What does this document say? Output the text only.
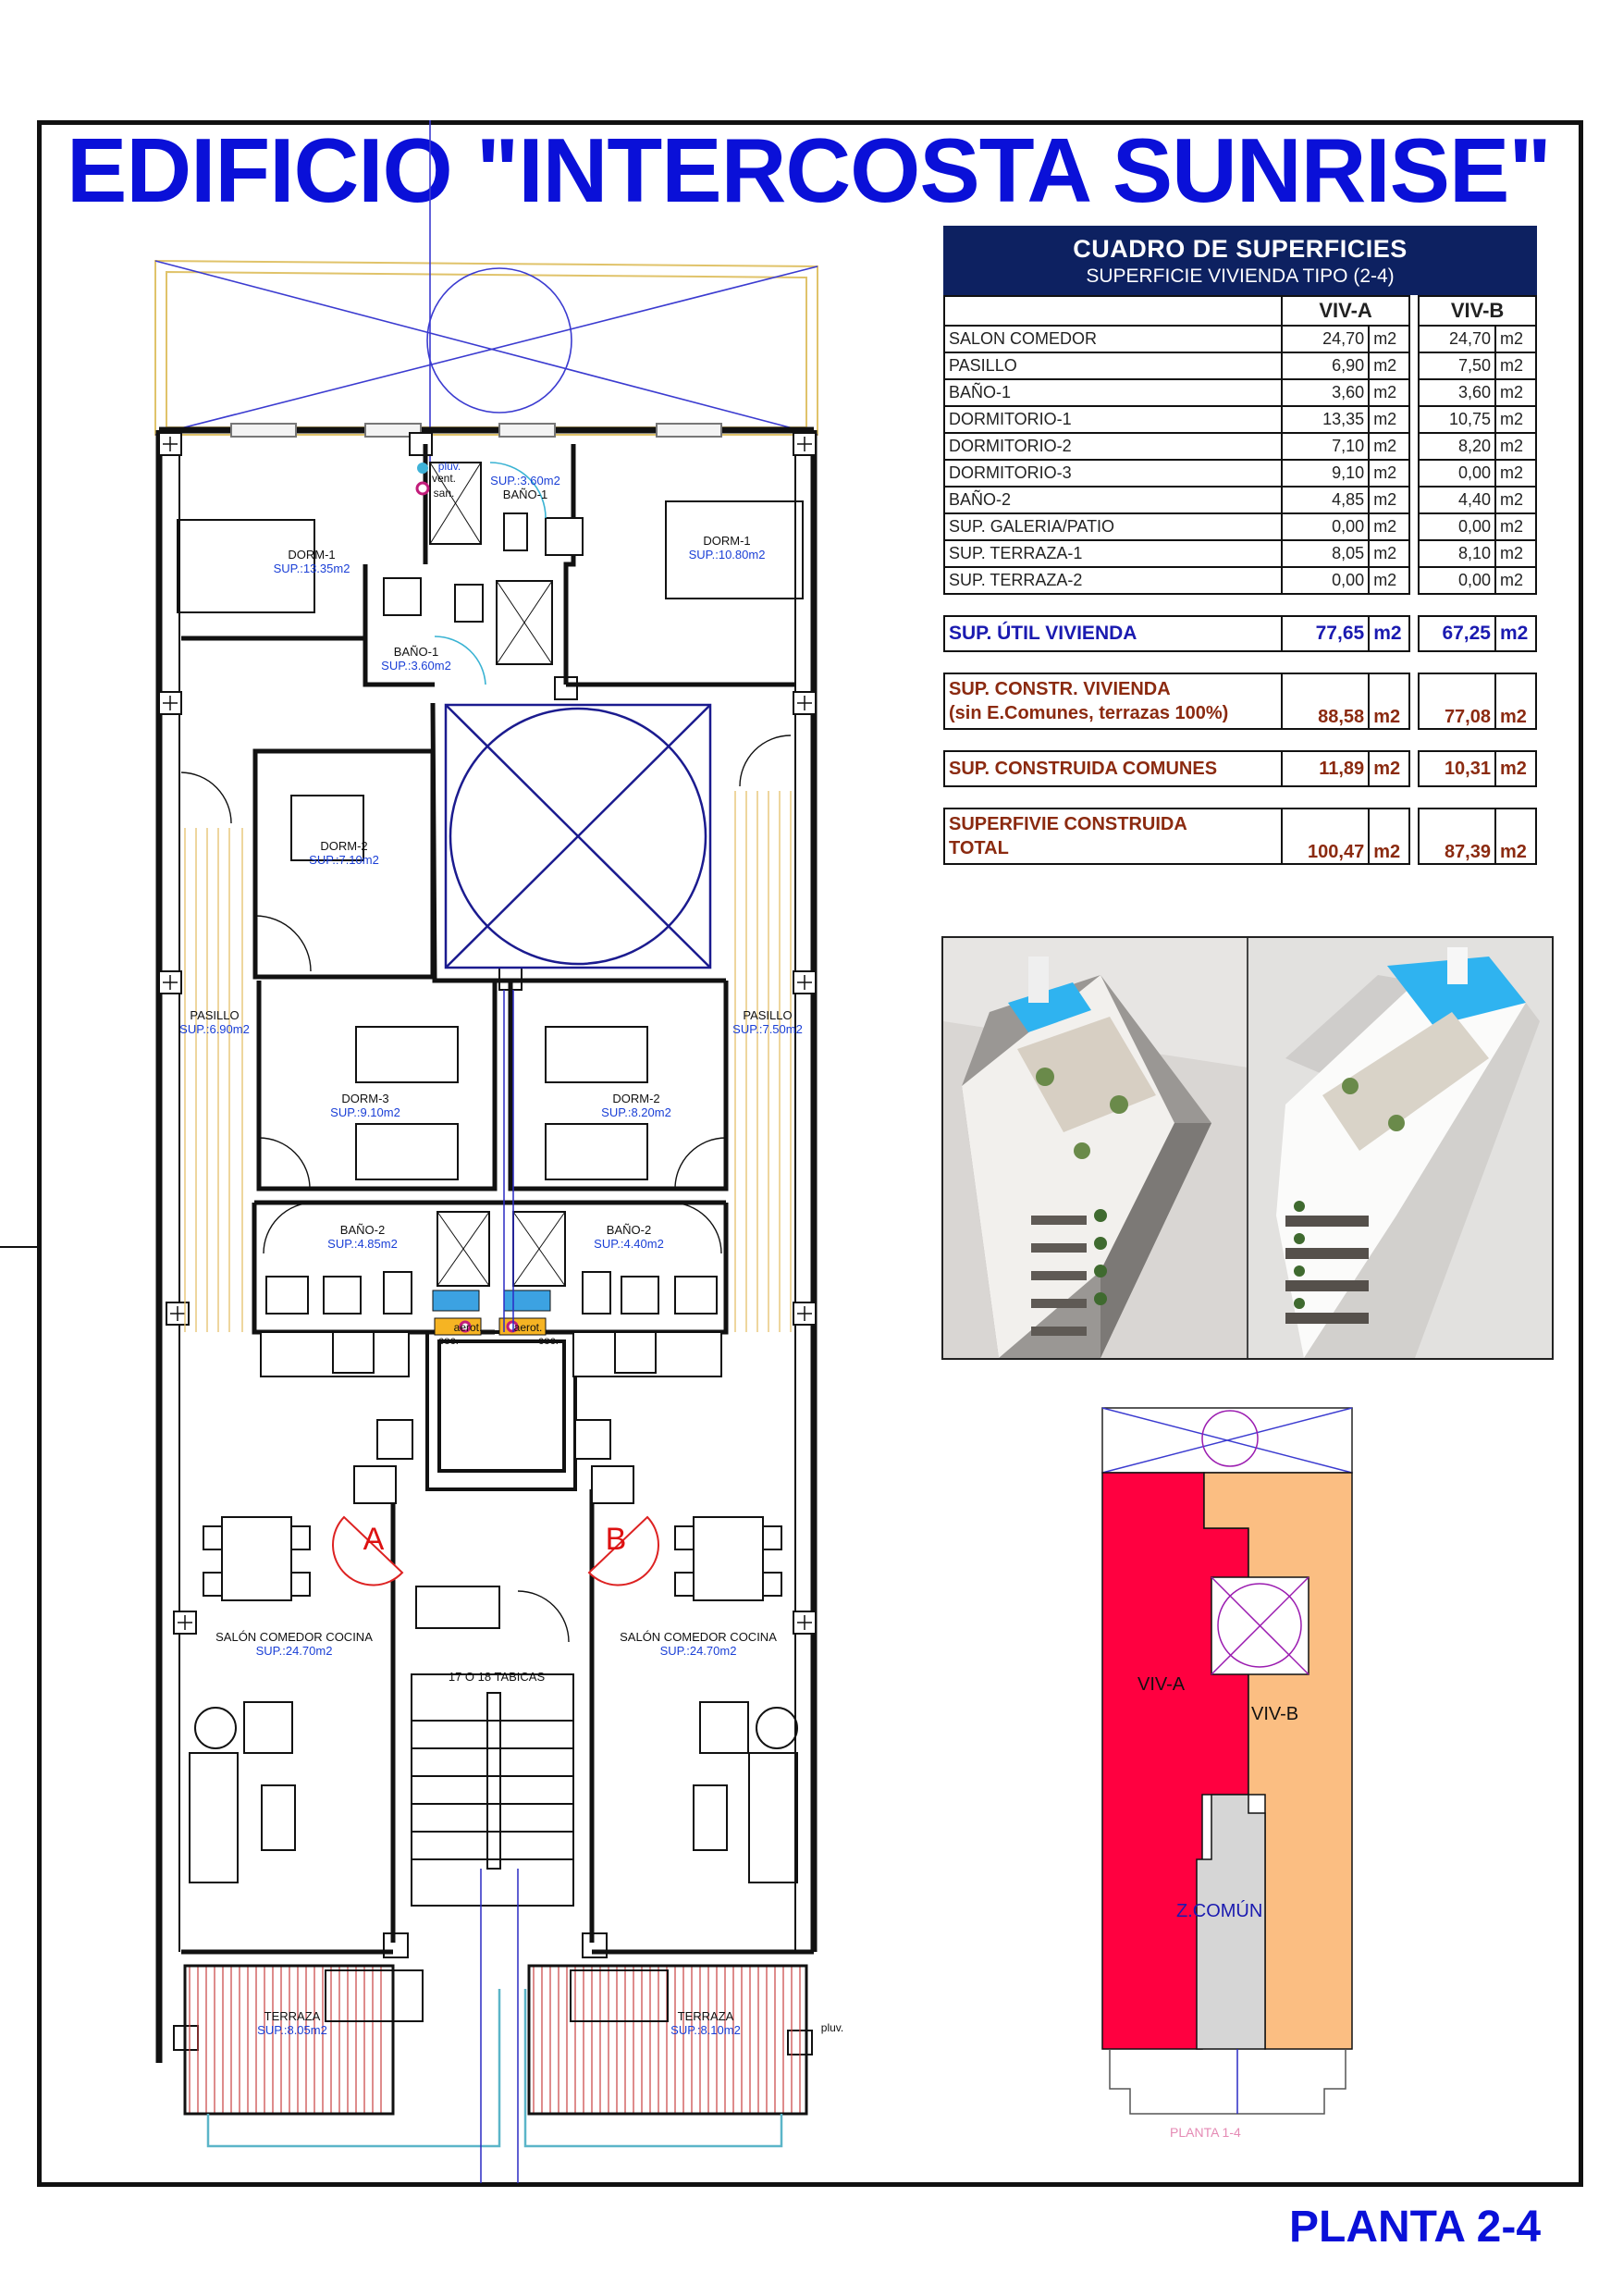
EDIFICIO "INTERCOSTA SUNRISE"
CUADRO DE SUPERFICIES
SUPERFICIE VIVIENDA TIPO (2-4)
	VIV-A			VIV-B	
SALON COMEDOR	24,70	m2		24,70	m2
PASILLO	6,90	m2		7,50	m2
BAÑO-1	3,60	m2		3,60	m2
DORMITORIO-1	13,35	m2		10,75	m2
DORMITORIO-2	7,10	m2		8,20	m2
DORMITORIO-3	9,10	m2		0,00	m2
BAÑO-2	4,85	m2		4,40	m2
SUP. GALERIA/PATIO	0,00	m2		0,00	m2
SUP. TERRAZA-1	8,05	m2		8,10	m2
SUP. TERRAZA-2	0,00	m2		0,00	m2

SUP. ÚTIL VIVIENDA	77,65	m2		67,25	m2

SUP. CONSTR. VIVIENDA
(sin E.Comunes, terrazas 100%)	88,58	m2		77,08	m2

SUP. CONSTRUIDA COMUNES	11,89	m2		10,31	m2

SUPERFIVIE CONSTRUIDA
TOTAL	100,47	m2		87,39	m2
DORM-1
SUP.:13.35m2
DORM-1
SUP.:10.80m2
SUP.:3.60m2
BAÑO-1
BAÑO-1
SUP.:3.60m2
DORM-2
SUP.:7.10m2
PASILLO
SUP.:6.90m2
PASILLO
SUP.:7.50m2
DORM-3
SUP.:9.10m2
DORM-2
SUP.:8.20m2
BAÑO-2
SUP.:4.85m2
BAÑO-2
SUP.:4.40m2
SALÓN COMEDOR COCINA
SUP.:24.70m2
SALÓN COMEDOR COCINA
SUP.:24.70m2
TERRAZA
SUP.:8.05m2
TERRAZA
SUP.:8.10m2
17 O 18 TABICAS
A	B
pluv.
vent.
san.
aerot.	aerot.
coc.	coc.
pluv.
VIV-A
VIV-B
Z.COMÚN
PLANTA 1-4
PLANTA 2-4
